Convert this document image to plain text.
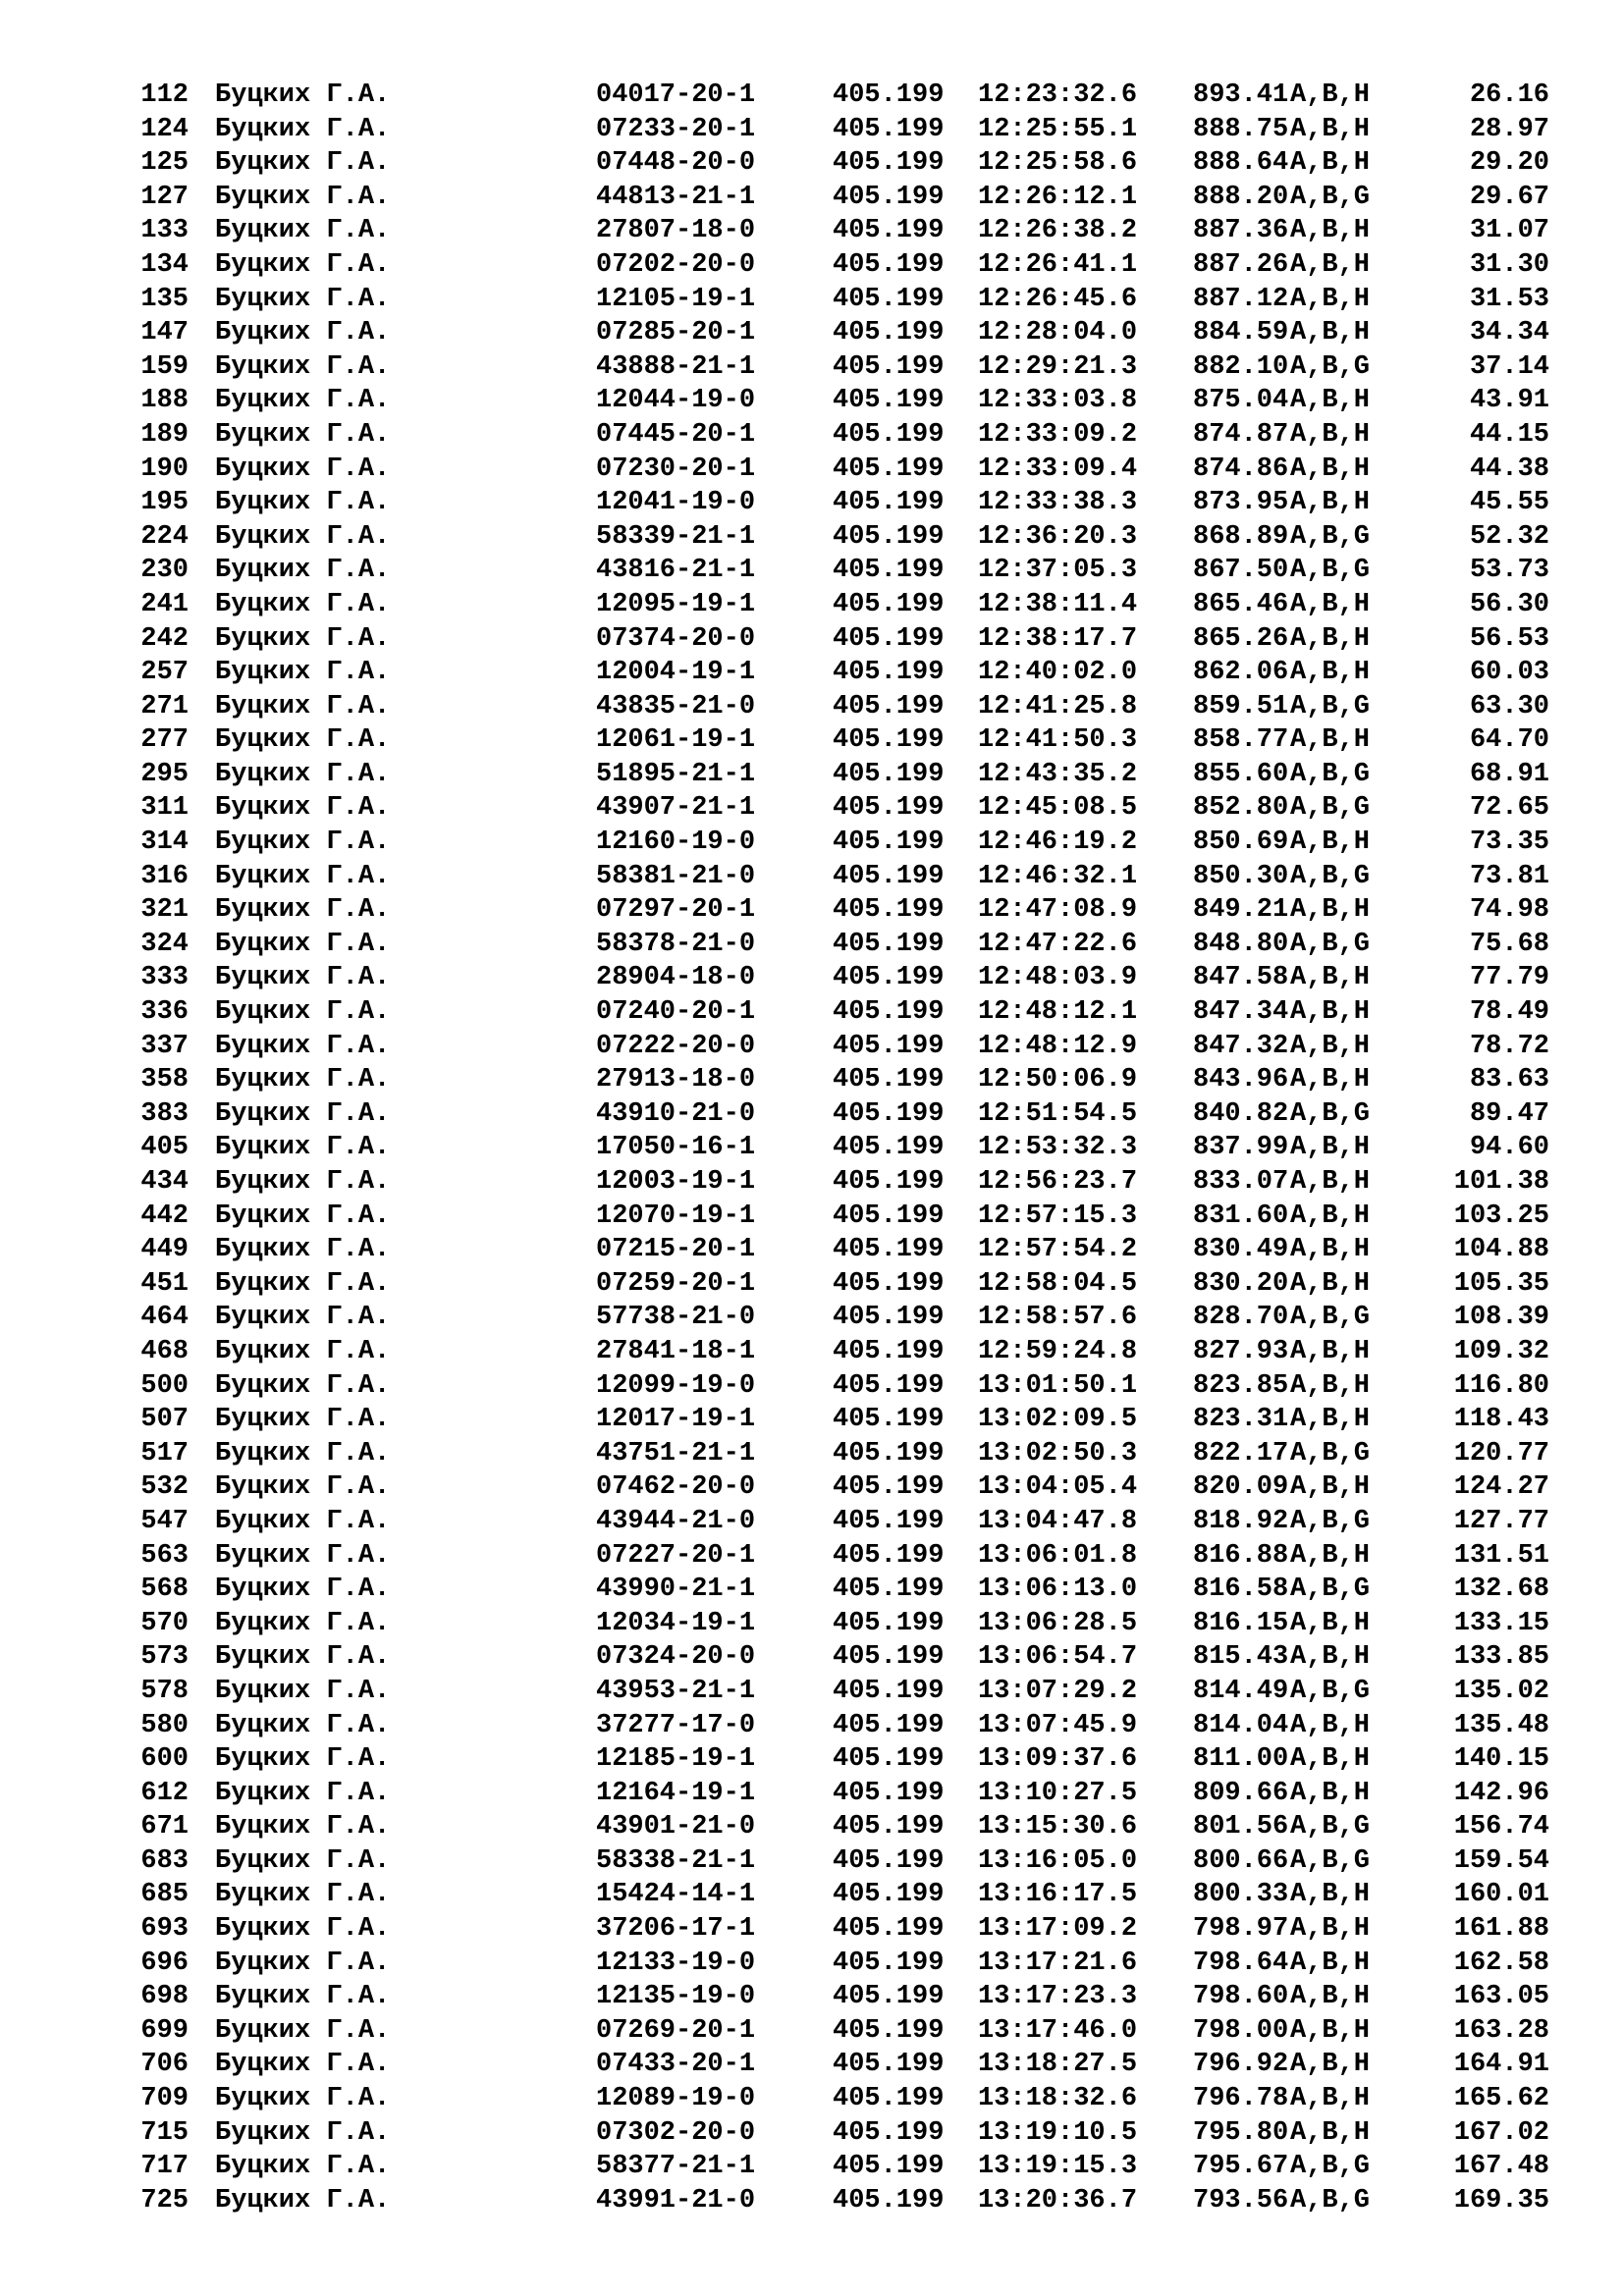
112 Буцких Г.А.	04017-20-1	405.199 12:23:32.6 893.41 A,B,H	26.16
124 Буцких Г.А.	07233-20-1	405.199 12:25:55.1 888.75 A,B,H	28.97
125 Буцких Г.А.	07448-20-0	405.199 12:25:58.6 888.64 A,B,H	29.20
127 Буцких Г.А.	44813-21-1	405.199 12:26:12.1 888.20 A,B,G	29.67
133 Буцких Г.А.	27807-18-0	405.199 12:26:38.2 887.36 A,B,H	31.07
134 Буцких Г.А.	07202-20-0	405.199 12:26:41.1 887.26 A,B,H	31.30
135 Буцких Г.А.	12105-19-1	405.199 12:26:45.6 887.12 A,B,H	31.53
147 Буцких Г.А.	07285-20-1	405.199 12:28:04.0 884.59 A,B,H	34.34
159 Буцких Г.А.	43888-21-1	405.199 12:29:21.3 882.10 A,B,G	37.14
188 Буцких Г.А.	12044-19-0	405.199 12:33:03.8 875.04 A,B,H	43.91
189 Буцких Г.А.	07445-20-1	405.199 12:33:09.2 874.87 A,B,H	44.15
190 Буцких Г.А.	07230-20-1	405.199 12:33:09.4 874.86 A,B,H	44.38
195 Буцких Г.А.	12041-19-0	405.199 12:33:38.3 873.95 A,B,H	45.55
224 Буцких Г.А.	58339-21-1	405.199 12:36:20.3 868.89 A,B,G	52.32
230 Буцких Г.А.	43816-21-1	405.199 12:37:05.3 867.50 A,B,G	53.73
241 Буцких Г.А.	12095-19-1	405.199 12:38:11.4 865.46 A,B,H	56.30
242 Буцких Г.А.	07374-20-0	405.199 12:38:17.7 865.26 A,B,H	56.53
257 Буцких Г.А.	12004-19-1	405.199 12:40:02.0 862.06 A,B,H	60.03
271 Буцких Г.А.	43835-21-0	405.199 12:41:25.8 859.51 A,B,G	63.30
277 Буцких Г.А.	12061-19-1	405.199 12:41:50.3 858.77 A,B,H	64.70
295 Буцких Г.А.	51895-21-1	405.199 12:43:35.2 855.60 A,B,G	68.91
311 Буцких Г.А.	43907-21-1	405.199 12:45:08.5 852.80 A,B,G	72.65
314 Буцких Г.А.	12160-19-0	405.199 12:46:19.2 850.69 A,B,H	73.35
316 Буцких Г.А.	58381-21-0	405.199 12:46:32.1 850.30 A,B,G	73.81
321 Буцких Г.А.	07297-20-1	405.199 12:47:08.9 849.21 A,B,H	74.98
324 Буцких Г.А.	58378-21-0	405.199 12:47:22.6 848.80 A,B,G	75.68
333 Буцких Г.А.	28904-18-0	405.199 12:48:03.9 847.58 A,B,H	77.79
336 Буцких Г.А.	07240-20-1	405.199 12:48:12.1 847.34 A,B,H	78.49
337 Буцких Г.А.	07222-20-0	405.199 12:48:12.9 847.32 A,B,H	78.72
358 Буцких Г.А.	27913-18-0	405.199 12:50:06.9 843.96 A,B,H	83.63
383 Буцких Г.А.	43910-21-0	405.199 12:51:54.5 840.82 A,B,G	89.47
405 Буцких Г.А.	17050-16-1	405.199 12:53:32.3 837.99 A,B,H	94.60
434 Буцких Г.А.	12003-19-1	405.199 12:56:23.7 833.07 A,B,H	101.38
442 Буцких Г.А.	12070-19-1	405.199 12:57:15.3 831.60 A,B,H	103.25
449 Буцких Г.А.	07215-20-1	405.199 12:57:54.2 830.49 A,B,H	104.88
451 Буцких Г.А.	07259-20-1	405.199 12:58:04.5 830.20 A,B,H	105.35
464 Буцких Г.А.	57738-21-0	405.199 12:58:57.6 828.70 A,B,G	108.39
468 Буцких Г.А.	27841-18-1	405.199 12:59:24.8 827.93 A,B,H	109.32
500 Буцких Г.А.	12099-19-0	405.199 13:01:50.1 823.85 A,B,H	116.80
507 Буцких Г.А.	12017-19-1	405.199 13:02:09.5 823.31 A,B,H	118.43
517 Буцких Г.А.	43751-21-1	405.199 13:02:50.3 822.17 A,B,G	120.77
532 Буцких Г.А.	07462-20-0	405.199 13:04:05.4 820.09 A,B,H	124.27
547 Буцких Г.А.	43944-21-0	405.199 13:04:47.8 818.92 A,B,G	127.77
563 Буцких Г.А.	07227-20-1	405.199 13:06:01.8 816.88 A,B,H	131.51
568 Буцких Г.А.	43990-21-1	405.199 13:06:13.0 816.58 A,B,G	132.68
570 Буцких Г.А.	12034-19-1	405.199 13:06:28.5 816.15 A,B,H	133.15
573 Буцких Г.А.	07324-20-0	405.199 13:06:54.7 815.43 A,B,H	133.85
578 Буцких Г.А.	43953-21-1	405.199 13:07:29.2 814.49 A,B,G	135.02
580 Буцких Г.А.	37277-17-0	405.199 13:07:45.9 814.04 A,B,H	135.48
600 Буцких Г.А.	12185-19-1	405.199 13:09:37.6 811.00 A,B,H	140.15
612 Буцких Г.А.	12164-19-1	405.199 13:10:27.5 809.66 A,B,H	142.96
671 Буцких Г.А.	43901-21-0	405.199 13:15:30.6 801.56 A,B,G	156.74
683 Буцких Г.А.	58338-21-1	405.199 13:16:05.0 800.66 A,B,G	159.54
685 Буцких Г.А.	15424-14-1	405.199 13:16:17.5 800.33 A,B,H	160.01
693 Буцких Г.А.	37206-17-1	405.199 13:17:09.2 798.97 A,B,H	161.88
696 Буцких Г.А.	12133-19-0	405.199 13:17:21.6 798.64 A,B,H	162.58
698 Буцких Г.А.	12135-19-0	405.199 13:17:23.3 798.60 A,B,H	163.05
699 Буцких Г.А.	07269-20-1	405.199 13:17:46.0 798.00 A,B,H	163.28
706 Буцких Г.А.	07433-20-1	405.199 13:18:27.5 796.92 A,B,H	164.91
709 Буцких Г.А.	12089-19-0	405.199 13:18:32.6 796.78 A,B,H	165.62
715 Буцких Г.А.	07302-20-0	405.199 13:19:10.5 795.80 A,B,H	167.02
717 Буцких Г.А.	58377-21-1	405.199 13:19:15.3 795.67 A,B,G	167.48
725 Буцких Г.А.	43991-21-0	405.199 13:20:36.7 793.56 A,B,G	169.35
